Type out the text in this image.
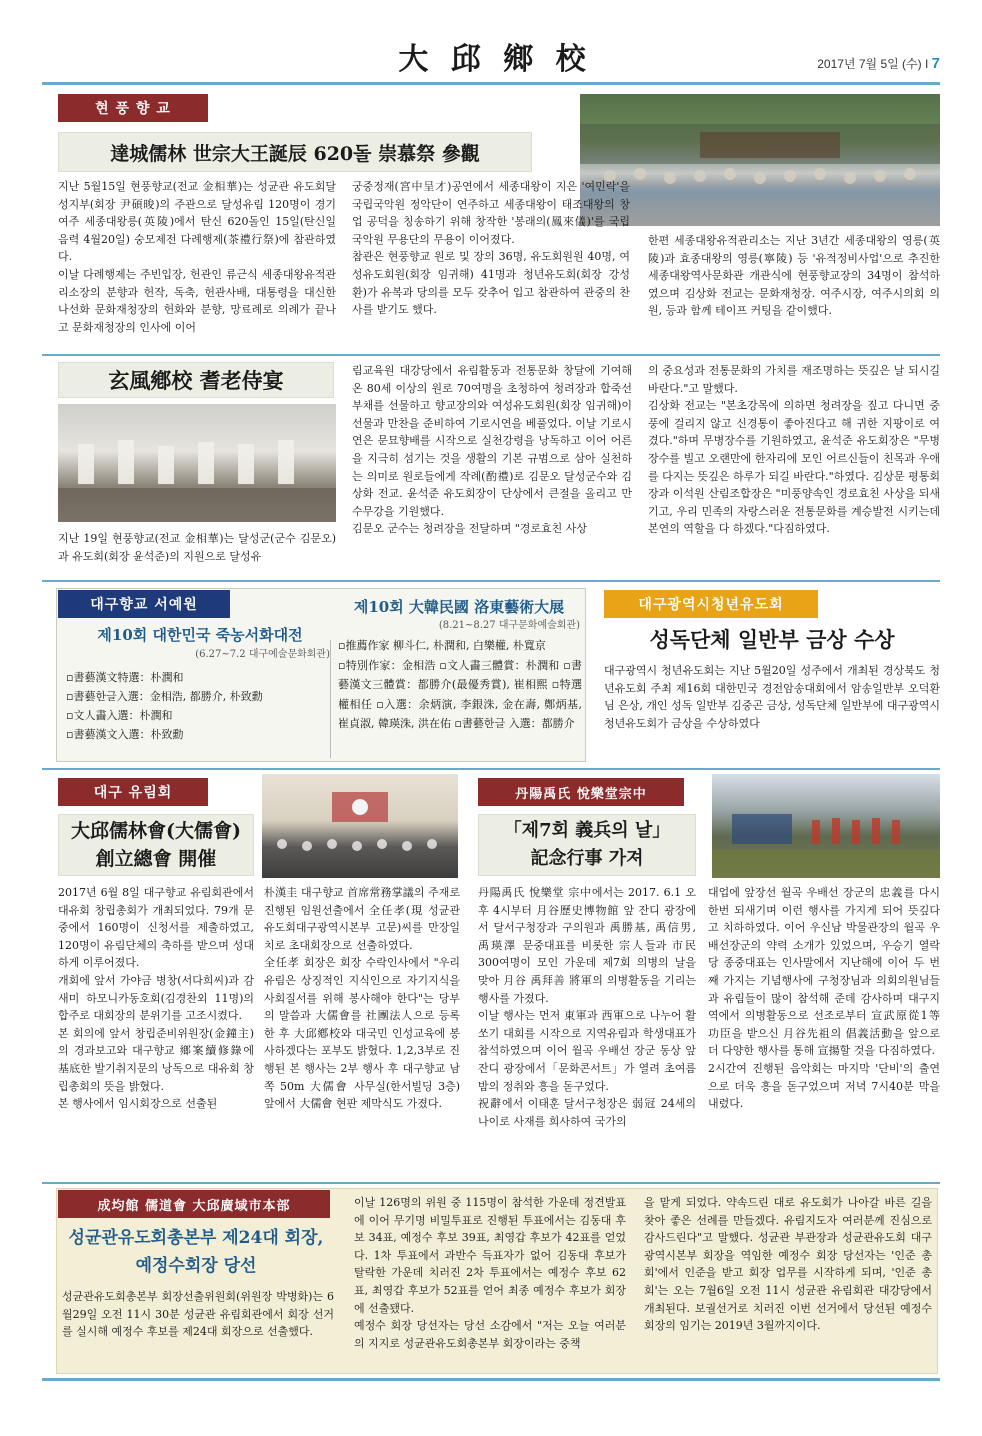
大 邱 鄉 校	2017년 7월 5일 (수) I 7
현 풍 향 교
達城儒林 世宗大王誕辰 620돌 崇慕祭 參觀
지난 5월15일 현풍향교(전교 金相華)는 성균관 유도회달성지부(회장 尹碩晙)의 주관으로 달성유림 120명이 경기 여주 세종대왕릉(英陵)에서 탄신 620돌인 15일(탄신일 음력 4월20일) 숭모제전 다례행제(茶禮行祭)에 참관하였다.
이날 다례행제는 주빈입장, 헌관인 류근식 세종대왕유적관리소장의 분향과 헌작, 독축, 헌관사배, 대통령을 대신한 나선화 문화재청장의 헌화와 분향, 망료례로 의례가 끝나고 문화재청장의 인사에 이어
궁중정재(宮中呈才)공연에서 세종대왕이 지은 '여민락'을 국립국악원 정악단이 연주하고 세종대왕이 태조대왕의 창업 공덕을 칭송하기 위해 창작한 '봉래의(鳳來儀)'를 국립국악원 무용단의 무용이 이어졌다.
참관은 현풍향교 원로 및 장의 36명, 유도회원원 40명, 여성유도회원(회장 임귀해) 41명과 청년유도회(회장 강성환)가 유복과 당의를 모두 갖추어 입고 참관하여 관중의 찬사를 받기도 했다.
한편 세종대왕유적관리소는 지난 3년간 세종대왕의 영릉(英陵)과 효종대왕의 영릉(寧陵) 등 '유적정비사업'으로 추진한 세종대왕역사문화관 개관식에 현풍향교장의 34명이 참석하였으며 김상화 전교는 문화재청장. 여주시장, 여주시의회 의원, 등과 함께 테이프 커팅을 같이했다.
玄風鄕校 耆老侍宴
지난 19일 현풍향교(전교 金相華)는 달성군(군수 김문오)과 유도회(회장 윤석준)의 지원으로 달성유
림교육원 대강당에서 유림활동과 전통문화 창달에 기여해 온 80세 이상의 원로 70여명을 초청하여 청려장과 합죽선 부채를 선물하고 향교장의와 여성유도회원(회장 임귀해)이 선물과 만찬을 준비하여 기로시연을 베풀었다. 이날 기로시연은 문묘향배를 시작으로 실천강령을 낭독하고 이어 어른을 지극히 섬기는 것을 생활의 기본 규범으로 삼아 실천하는 의미로 원로들에게 작례(酌禮)로 김문오 달성군수와 김상화 전교. 윤석준 유도회장이 단상에서 큰절을 올리고 만수무강을 기원했다.
김문오 군수는 청려장을 전달하며 "경로효친 사상
의 중요성과 전통문화의 가치를 재조명하는 뜻깊은 날 되시길 바란다."고 말했다.
김상화 전교는 "본초강목에 의하면 청려장을 짚고 다니면 중풍에 걸리지 않고 신경통이 좋아진다고 해 귀한 지팡이로 여겼다."하며 무병장수를 기원하였고, 윤석준 유도회장은 "무병장수를 빌고 오랜만에 한자리에 모인 어르신들이 친목과 우애를 다지는 뜻깊은 하루가 되길 바란다."하였다. 김상문 평통회장과 이석원 산림조합장은 "미풍양속인 경로효친 사상을 되새기고, 우리 민족의 자랑스러운 전통문화를 계승발전 시키는데 본연의 역할을 다 하겠다."다짐하였다.
대구향교 서예원
제10회 대한민국 죽농서화대전
(6.27~7.2 대구예술문화회관)
▫書藝漢文特選：朴潤和
▫書藝한글入選：金相浩, 都勝介, 朴致勳
▫文人畵入選：朴潤和
▫書藝漢文入選：朴致勳
제10회 大韓民國 洛東藝術大展
(8.21~8.27 대구문화예술회관)
▫推薦作家 柳斗仁, 朴潤和, 白樂權, 朴寬京
▫特別作家：金相浩 ▫文人畵三體賞：朴潤和 ▫書藝漢文三體賞：都勝介(最優秀賞), 崔相熙 ▫特選 權相任 ▫入選：余炳演, 李銀洙, 金在壽, 鄭炳基, 崔貞淑, 韓瑛洙, 洪在佑 ▫書藝한글 入選：都勝介
대구광역시청년유도회
성독단체 일반부 금상 수상
대구광역시 청년유도회는 지난 5월20일 성주에서 개최된 경상북도 청년유도회 주최 제16회 대한민국 경전암송대회에서 암송일반부 오덕환님 은상, 개인 성독 일반부 김중곤 금상, 성독단체 일반부에 대구광역시 청년유도회가 금상을 수상하였다
대구 유림회
大邱儒林會(大儒會)
創立總會 開催
2017년 6월 8일 대구향교 유림회관에서 대유회 창립총회가 개최되었다. 79개 문중에서 160명이 신청서를 제출하였고, 120명이 유림단체의 축하를 받으며 성대하게 이루어졌다.
개회에 앞서 가야금 병창(서다희씨)과 감새미 하모니카동호회(김경찬외 11명)의 합주로 대회장의 분위기를 고조시켰다.
본 회의에 앞서 창립준비위원장(金鐘主)의 경과보고와 대구향교 鄉案續修錄에 基底한 발기취지문의 낭독으로 대유회 창립총회의 뜻을 밝혔다.
본 행사에서 임시회장으로 선출된
朴漢圭 대구향교 首席常務掌議의 주재로 진행된 임원선출에서 全任孝(現 성균관유도회대구광역시본부 고문)씨를 만장일치로 초대회장으로 선출하였다.
全任孝 회장은 회장 수락인사에서 "우리 유림은 상징적인 지식인으로 자기지식을 사회질서를 위해 봉사해야 한다"는 당부의 말씀과 大儒會를 社團法人으로 등록한 후 大邱鄕校와 대국민 인성교육에 봉사하겠다는 포부도 밝혔다. 1,2,3부로 진행된 본 행사는 2부 행사 후 대구향교 남쪽 50m 大儒會 사무실(한서빌딩 3층) 앞에서 大儒會 현판 제막식도 가졌다.
丹陽禹氏 悅樂堂宗中
「제7회 義兵의 날」
記念行事 가져
丹陽禹氏 悅樂堂 宗中에서는 2017. 6.1 오후 4시부터 月谷歷史博物館 앞 잔디 광장에서 달서구청장과 구의원과 禹勝基, 禹信男, 禹瑛澤 문중대표를 비롯한 宗人들과 市民 300여명이 모인 가운데 제7회 의병의 날을 맞아 月谷 禹拜善 將軍의 의병활동을 기리는 행사를 가졌다.
이날 행사는 먼저 東軍과 西軍으로 나누어 활쏘기 대회를 시작으로 지역유림과 학생대표가 참석하였으며 이어 월곡 우배선 장군 동상 앞 잔디 광장에서「문화콘서트」가 열려 초여름밤의 정취와 흥을 돋구었다.
祝辭에서 이태훈 달서구청장은 弱冠 24세의 나이로 사재를 희사하여 국가의
대업에 앞장선 월곡 우배선 장군의 忠義를 다시 한번 되새기며 이런 행사를 가지게 되어 뜻깊다고 치하하였다. 이어 우신남 박물관장의 월곡 우배선장군의 약력 소개가 있었으며, 우승기 열락당 종중대표는 인사말에서 지난해에 이어 두 번째 가지는 기념행사에 구청장님과 의회의원님들과 유림들이 많이 참석해 준데 감사하며 대구지역에서 의병활동으로 선조로부터 宣武原從1等功臣을 받으신 月谷先祖의 倡義活動을 앞으로 더 다양한 행사를 통해 宣揚할 것을 다짐하였다.
2시간여 진행된 음악회는 마지막 '단비'의 출연으로 더욱 흥을 돋구었으며 저녁 7시40분 막을 내렸다.
成均館 儒道會 大邱廣域市本部
성균관유도회총본부 제24대 회장,
예정수회장 당선
성균관유도회총본부 회장선출위원회(위원장 박병화)는 6월29일 오전 11시 30분 성균관 유림회관에서 회장 선거를 실시해 예정수 후보를 제24대 회장으로 선출했다.
이날 126명의 위원 중 115명이 참석한 가운데 정견발표에 이어 무기명 비밀투표로 진행된 투표에서는 김동대 후보 34표, 예정수 후보 39표, 최영갑 후보가 42표를 얻었다. 1차 투표에서 과반수 득표자가 없어 김동대 후보가 탈락한 가운데 치러진 2차 투표에서는 예정수 후보 62표, 최영갑 후보가 52표를 얻어 최종 예정수 후보가 회장에 선출됐다.
예정수 회장 당선자는 당선 소감에서 "저는 오늘 여러분의 지지로 성균관유도회총본부 회장이라는 중책
을 맡게 되었다. 약속드린 대로 유도회가 나아갈 바른 길을 찾아 좋은 선례를 만들겠다. 유림지도자 여러분께 진심으로 감사드린다"고 말했다. 성균관 부관장과 성균관유도회 대구광역시본부 회장을 역임한 예정수 회장 당선자는 '인준 총회'에서 인준을 받고 회장 업무를 시작하게 되며, '인준 총회'는 오는 7월6일 오전 11시 성균관 유림회관 대강당에서 개최된다. 보궐선거로 치러진 이번 선거에서 당선된 예정수 회장의 임기는 2019년 3월까지이다.
